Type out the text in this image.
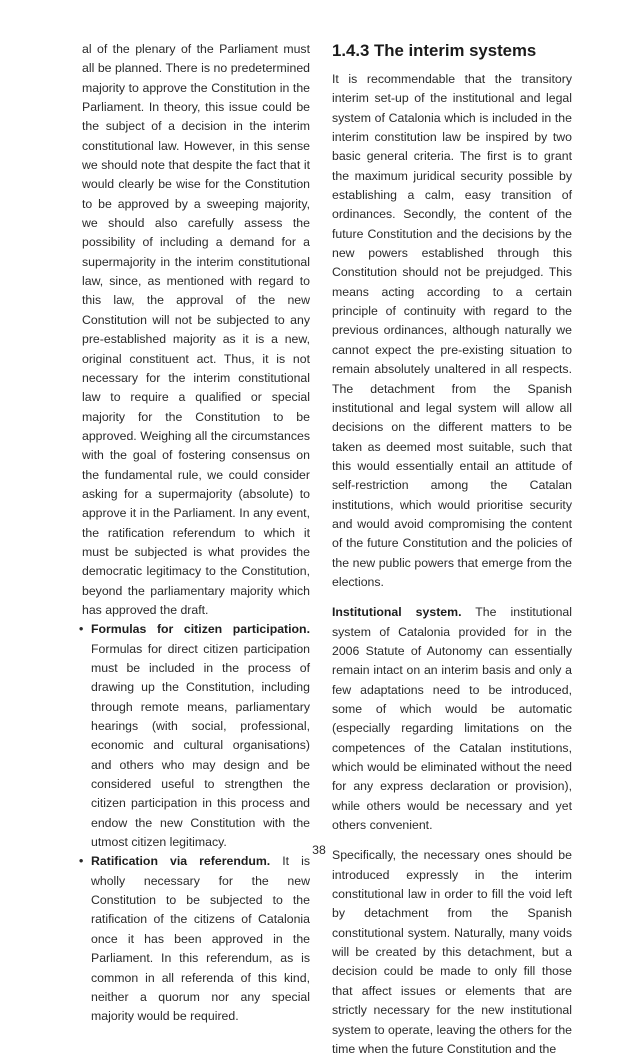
al of the plenary of the Parliament must all be planned. There is no predetermined majority to approve the Constitution in the Parliament. In theory, this issue could be the subject of a decision in the interim constitutional law. However, in this sense we should note that despite the fact that it would clearly be wise for the Constitution to be approved by a sweeping majority, we should also carefully assess the possibility of including a demand for a supermajority in the interim constitutional law, since, as mentioned with regard to this law, the approval of the new Constitution will not be subjected to any pre-established majority as it is a new, original constituent act. Thus, it is not necessary for the interim constitutional law to require a qualified or special majority for the Constitution to be approved. Weighing all the circumstances with the goal of fostering consensus on the fundamental rule, we could consider asking for a supermajority (absolute) to approve it in the Parliament. In any event, the ratification referendum to which it must be subjected is what provides the democratic legitimacy to the Constitution, beyond the parliamentary majority which has approved the draft.

• Formulas for citizen participation. Formulas for direct citizen participation must be included in the process of drawing up the Constitution, including through remote means, parliamentary hearings (with social, professional, economic and cultural organisations) and others who may design and be considered useful to strengthen the citizen participation in this process and endow the new Constitution with the utmost citizen legitimacy.

• Ratification via referendum. It is wholly necessary for the new Constitution to be subjected to the ratification of the citizens of Catalonia once it has been approved in the Parliament. In this referendum, as is common in all referenda of this kind, neither a quorum nor any special majority would be required.

1.4.3 The interim systems

It is recommendable that the transitory interim set-up of the institutional and legal system of Catalonia which is included in the interim constitution law be inspired by two basic general criteria. The first is to grant the maximum juridical security possible by establishing a calm, easy transition of ordinances. Secondly, the content of the future Constitution and the decisions by the new powers established through this Constitution should not be prejudged. This means acting according to a certain principle of continuity with regard to the previous ordinances, although naturally we cannot expect the pre-existing situation to remain absolutely unaltered in all respects. The detachment from the Spanish institutional and legal system will allow all decisions on the different matters to be taken as deemed most suitable, such that this would essentially entail an attitude of self-restriction among the Catalan institutions, which would prioritise security and would avoid compromising the content of the future Constitution and the policies of the new public powers that emerge from the elections.

Institutional system. The institutional system of Catalonia provided for in the 2006 Statute of Autonomy can essentially remain intact on an interim basis and only a few adaptations need to be introduced, some of which would be automatic (especially regarding limitations on the competences of the Catalan institutions, which would be eliminated without the need for any express declaration or provision), while others would be necessary and yet others convenient.

Specifically, the necessary ones should be introduced expressly in the interim constitutional law in order to fill the void left by detachment from the Spanish constitutional system. Naturally, many voids will be created by this detachment, but a decision could be made to only fill those that affect issues or elements that are strictly necessary for the new institutional system to operate, leaving the others for the time when the future Constitution and the

38
